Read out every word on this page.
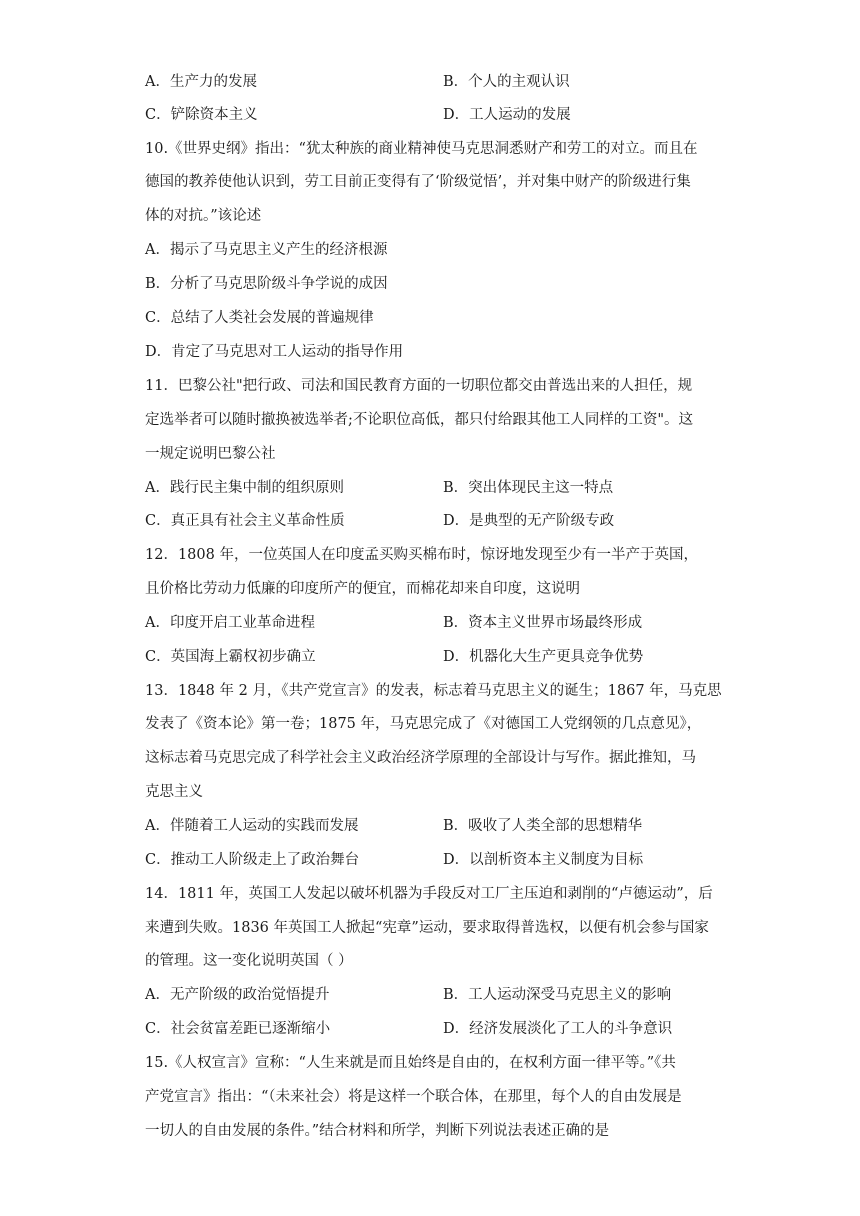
A．生产力的发展	B．个人的主观认识
C．铲除资本主义	D．工人运动的发展
10.《世界史纲》指出：“犹太种族的商业精神使马克思洞悉财产和劳工的对立。而且在
德国的教养使他认识到，劳工目前正变得有了‘阶级觉悟’，并对集中财产的阶级进行集
体的对抗。”该论述
A．揭示了马克思主义产生的经济根源
B．分析了马克思阶级斗争学说的成因
C．总结了人类社会发展的普遍规律
D．肯定了马克思对工人运动的指导作用
11．巴黎公社"把行政、司法和国民教育方面的一切职位都交由普选出来的人担任，规
定选举者可以随时撤换被选举者;不论职位高低，都只付给跟其他工人同样的工资"。这
一规定说明巴黎公社
A．践行民主集中制的组织原则	B．突出体现民主这一特点
C．真正具有社会主义革命性质	D．是典型的无产阶级专政
12．1808 年，一位英国人在印度孟买购买棉布时，惊讶地发现至少有一半产于英国，
且价格比劳动力低廉的印度所产的便宜，而棉花却来自印度，这说明
A．印度开启工业革命进程	B．资本主义世界市场最终形成
C．英国海上霸权初步确立	D．机器化大生产更具竞争优势
13．1848 年 2 月，《共产党宣言》的发表，标志着马克思主义的诞生；1867 年，马克思
发表了《资本论》第一卷；1875 年，马克思完成了《对德国工人党纲领的几点意见》，
这标志着马克思完成了科学社会主义政治经济学原理的全部设计与写作。据此推知，马
克思主义
A．伴随着工人运动的实践而发展	B．吸收了人类全部的思想精华
C．推动工人阶级走上了政治舞台	D．以剖析资本主义制度为目标
14．1811 年，英国工人发起以破坏机器为手段反对工厂主压迫和剥削的“卢德运动”，后
来遭到失败。1836 年英国工人掀起“宪章”运动，要求取得普选权，以便有机会参与国家
的管理。这一变化说明英国（ ）
A．无产阶级的政治觉悟提升	B．工人运动深受马克思主义的影响
C．社会贫富差距已逐渐缩小	D．经济发展淡化了工人的斗争意识
15.《人权宣言》宣称：“人生来就是而且始终是自由的，在权利方面一律平等。”《共
产党宣言》指出：“（未来社会）将是这样一个联合体，在那里，每个人的自由发展是
一切人的自由发展的条件。”结合材料和所学，判断下列说法表述正确的是
